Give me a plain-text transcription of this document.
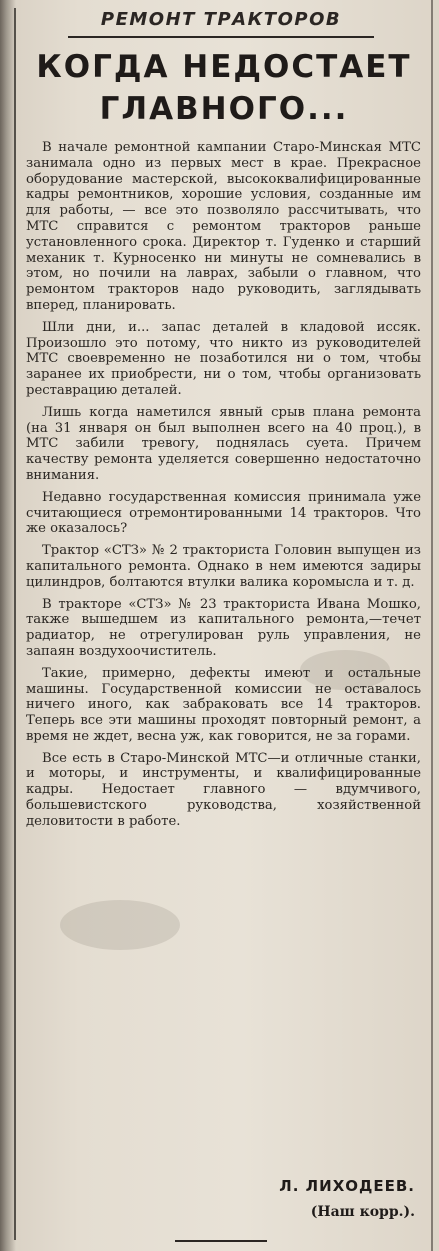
РЕМОНТ ТРАКТОРОВ
КОГДА НЕДОСТАЕТ
ГЛАВНОГО...

В начале ремонтной кампании Старо-Минская МТС занимала одно из первых мест в крае. Прекрасное оборудование мастерской, высококвалифицированные кадры ремонтников, хорошие условия, созданные им для работы, — все это позволяло рассчитывать, что МТС справится с ремонтом тракторов раньше установленного срока. Директор т. Гуденко и старший механик т. Курносенко ни минуты не сомневались в этом, но почили на лаврах, забыли о главном, что ремонтом тракторов надо руководить, заглядывать вперед, планировать.

Шли дни, и... запас деталей в кладовой иссяк. Произошло это потому, что никто из руководителей МТС своевременно не позаботился ни о том, чтобы заранее их приобрести, ни о том, чтобы организовать реставрацию деталей.

Лишь когда наметился явный срыв плана ремонта (на 31 января он был выполнен всего на 40 проц.), в МТС забили тревогу, поднялась суета. Причем качеству ремонта уделяется совершенно недостаточно внимания.

Недавно государственная комиссия принимала уже считающиеся отремонтированными 14 тракторов. Что же оказалось?

Трактор «СТЗ» № 2 тракториста Головин выпущен из капитального ремонта. Однако в нем имеются задиры цилиндров, болтаются втулки валика коромысла и т. д.

В тракторе «СТЗ» № 23 тракториста Ивана Мошко, также вышедшем из капитального ремонта,—течет радиатор, не отрегулирован руль управления, не запаян воздухоочиститель.

Такие, примерно, дефекты имеют и остальные машины. Государственной комиссии не оставалось ничего иного, как забраковать все 14 тракторов. Теперь все эти машины проходят повторный ремонт, а время не ждет, весна уж, как говорится, не за горами.

Все есть в Старо-Минской МТС—и отличные станки, и моторы, и инструменты, и квалифицированные кадры. Недостает главного — вдумчивого, большевистского руководства, хозяйственной деловитости в работе.

Л. ЛИХОДЕЕВ.
(Наш корр.).
